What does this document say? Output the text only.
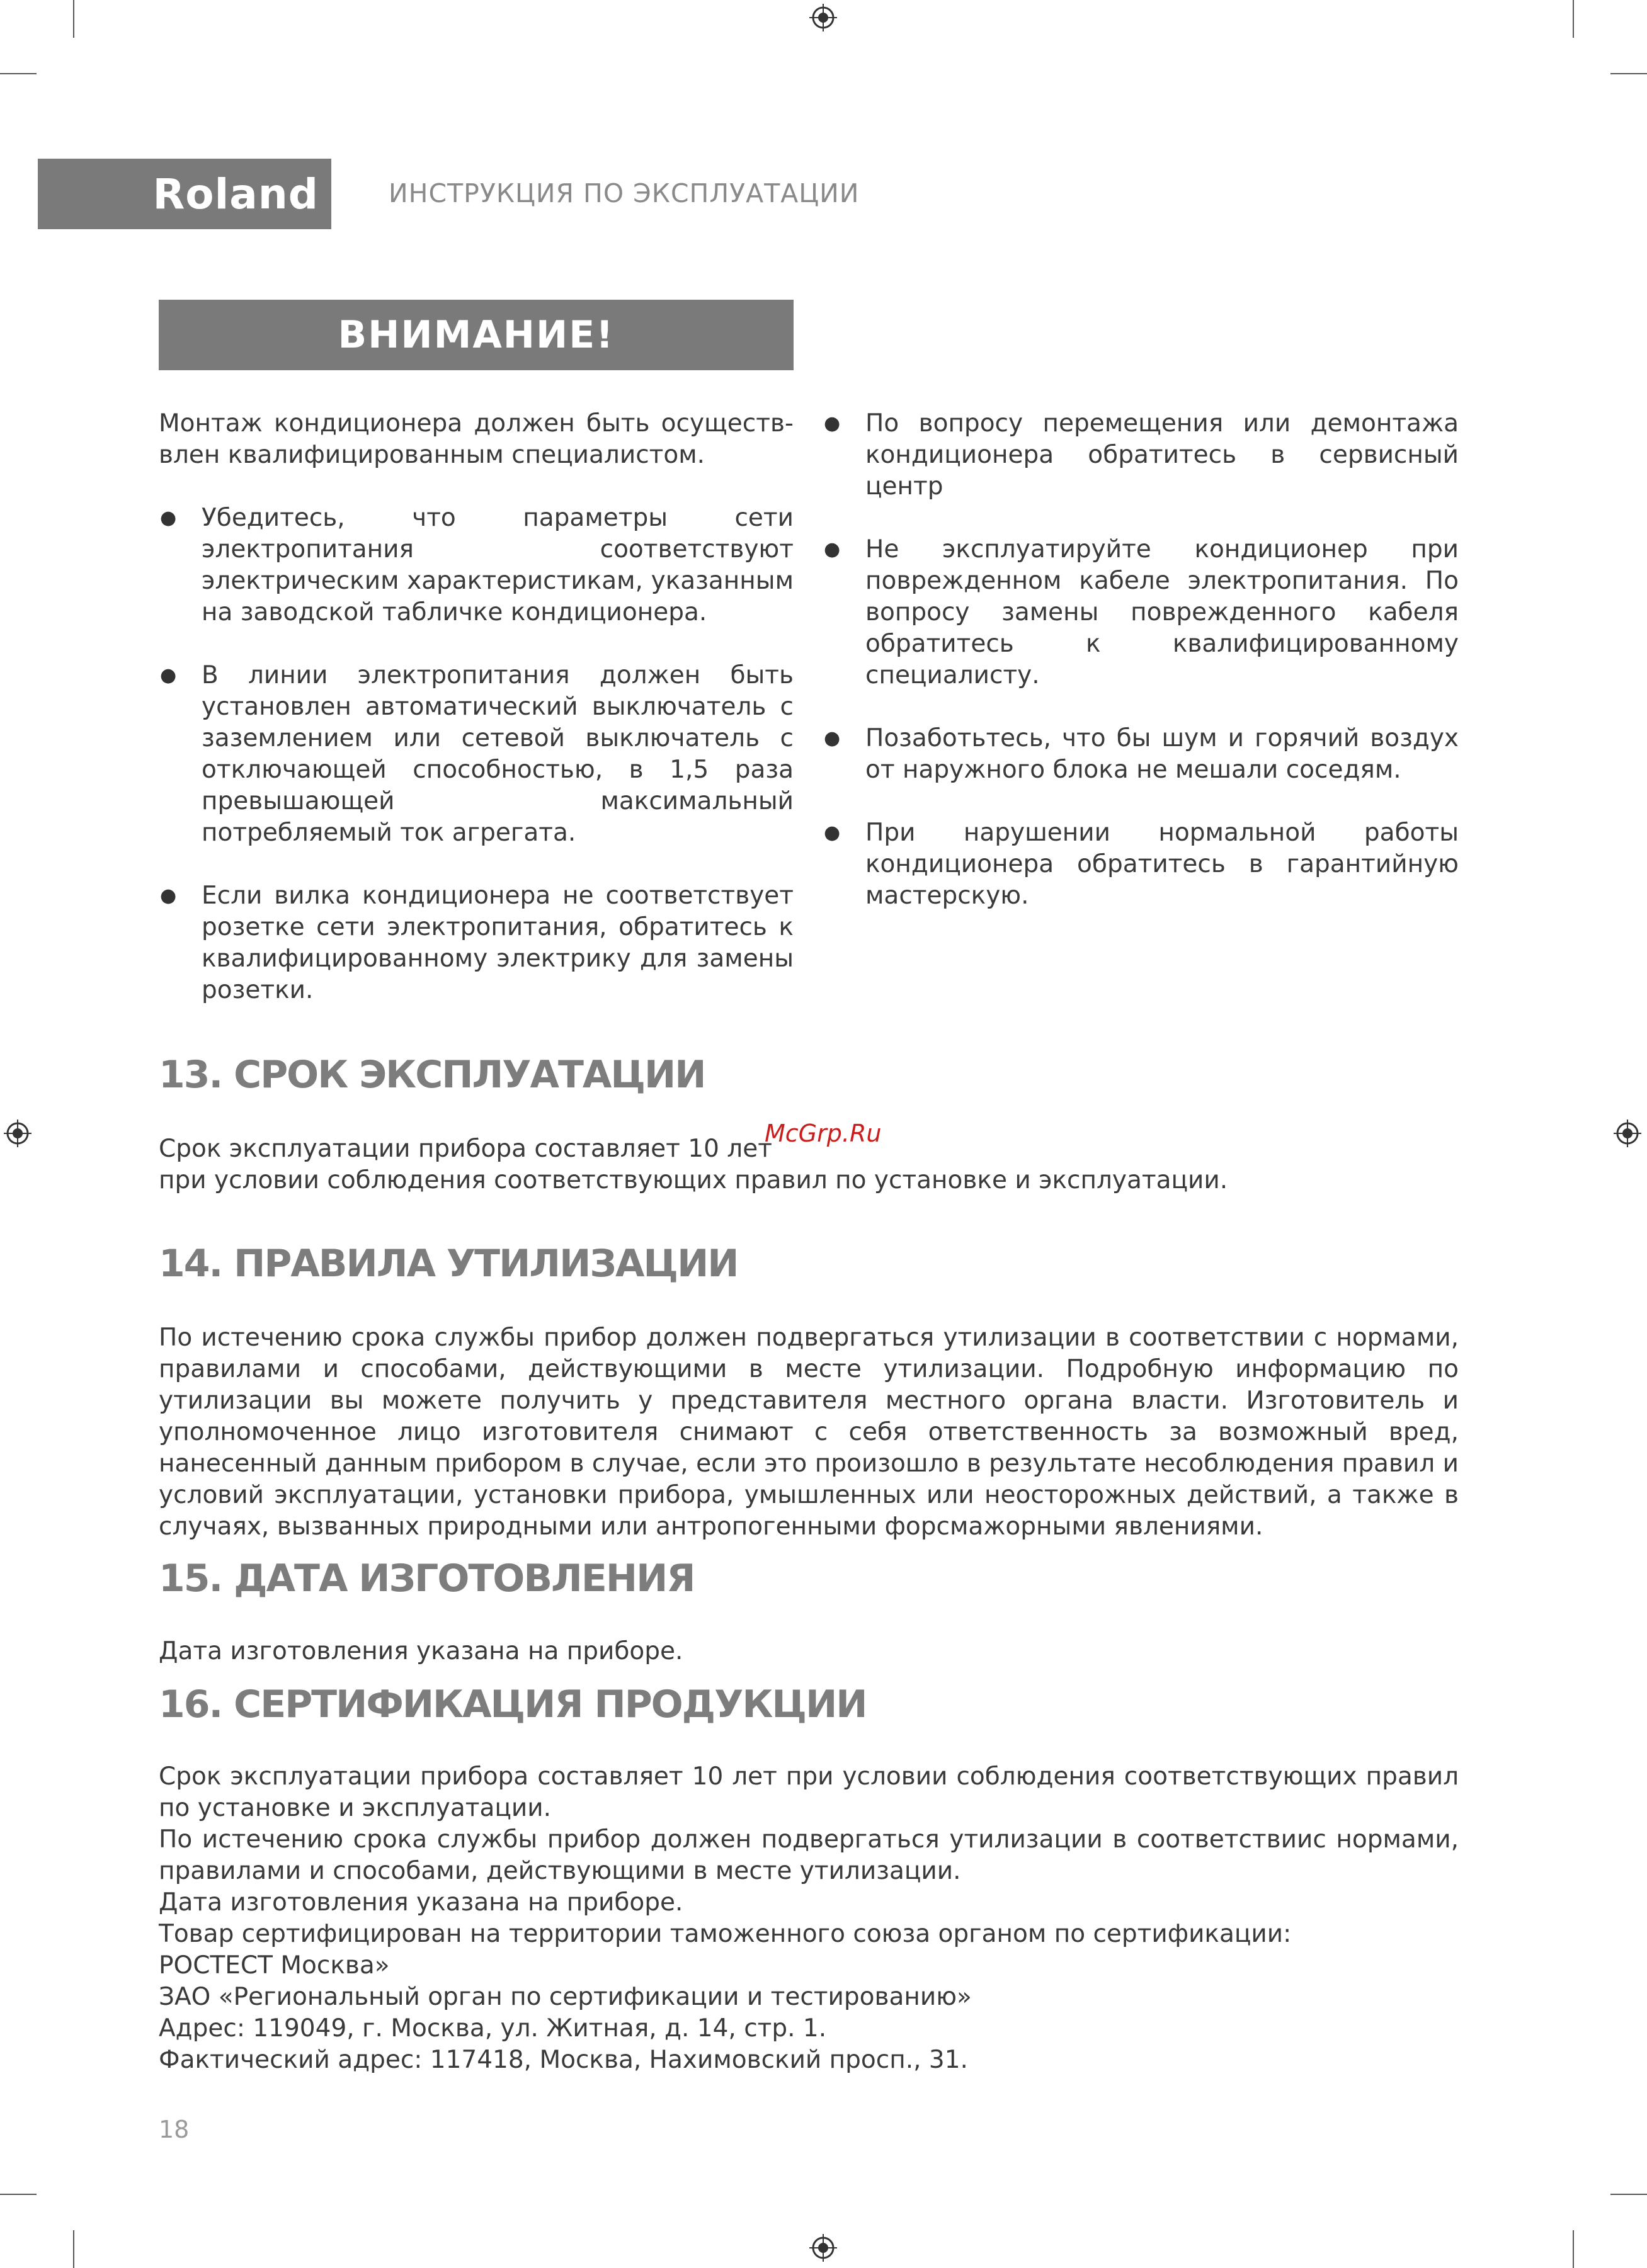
Roland	ИНСТРУКЦИЯ ПО ЭКСПЛУАТАЦИИ
ВНИМАНИЕ!

Монтаж кондиционера должен быть осуществ-влен квалифицированным специалистом.

● Убедитесь, что параметры сети электропитания соответствуют электрическим характеристикам, указанным на заводской табличке кондиционера.
● В линии электропитания должен быть установлен автоматический выключатель с заземлением или сетевой выключатель с отключающей способностью, в 1,5 раза превышающей максимальный потребляемый ток агрегата.
● Если вилка кондиционера не соответствует розетке сети электропитания, обратитесь к квалифицированному электрику для замены розетки.
● По вопросу перемещения или демонтажа кондиционера обратитесь в сервисный центр
● Не эксплуатируйте кондиционер при поврежденном кабеле электропитания. По вопросу замены поврежденного кабеля обратитесь к квалифицированному специалисту.
● Позаботьтесь, что бы шум и горячий воздух от наружного блока не мешали соседям.
● При нарушении нормальной работы кондиционера обратитесь в гарантийную мастерскую.
13. СРОК ЭКСПЛУАТАЦИИ
Срок эксплуатации прибора составляет 10 лет
при условии соблюдения соответствующих правил по установке и эксплуатации.
McGrp.Ru
14. ПРАВИЛА УТИЛИЗАЦИИ
По истечению срока службы прибор должен подвергаться утилизации в соответствии с нормами, правилами и способами, действующими в месте утилизации. Подробную информацию по утилизации вы можете получить у представителя местного органа власти. Изготовитель и уполномоченное лицо изготовителя снимают с себя ответственность за возможный вред, нанесенный данным прибором в случае, если это произошло в результате несоблюдения правил и условий эксплуатации, установки прибора, умышленных или неосторожных действий, а также в случаях, вызванных природными или антропогенными форсмажорными явлениями.
15. ДАТА ИЗГОТОВЛЕНИЯ
Дата изготовления указана на приборе.
16. СЕРТИФИКАЦИЯ ПРОДУКЦИИ
Срок эксплуатации прибора составляет 10 лет при условии соблюдения соответствующих правил по установке и эксплуатации.
По истечению срока службы прибор должен подвергаться утилизации в соответствиис нормами, правилами и способами, действующими в месте утилизации.
Дата изготовления указана на приборе.
Товар сертифицирован на территории таможенного союза органом по сертификации:
РОСТЕСТ Москва»
ЗАО «Региональный орган по сертификации и тестированию»
Адрес: 119049, г. Москва, ул. Житная, д. 14, стр. 1.
Фактический адрес: 117418, Москва, Нахимовский просп., 31.
18
